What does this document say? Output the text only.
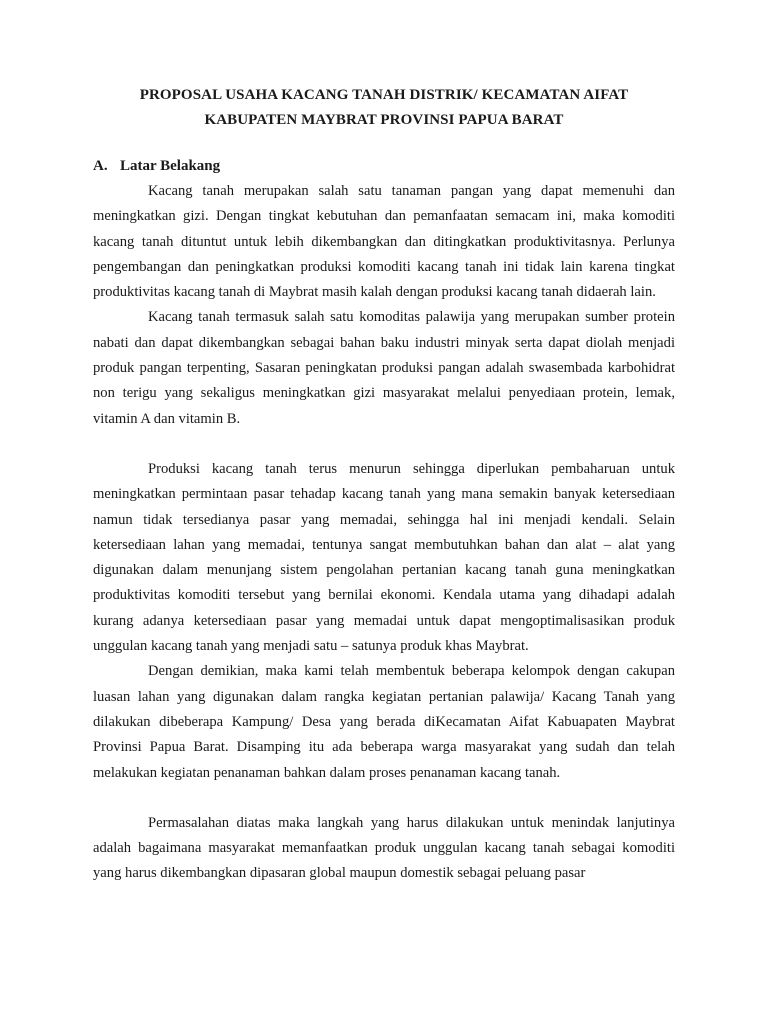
PROPOSAL USAHA KACANG TANAH DISTRIK/ KECAMATAN AIFAT
KABUPATEN MAYBRAT PROVINSI PAPUA BARAT
A. Latar Belakang

Kacang tanah merupakan salah satu tanaman pangan yang dapat memenuhi dan meningkatkan gizi. Dengan tingkat kebutuhan dan pemanfaatan semacam ini, maka komoditi kacang tanah dituntut untuk lebih dikembangkan dan ditingkatkan produktivitasnya. Perlunya pengembangan dan peningkatkan produksi komoditi kacang tanah ini tidak lain karena tingkat produktivitas kacang tanah di Maybrat masih kalah dengan produksi kacang tanah didaerah lain.

Kacang tanah termasuk salah satu komoditas palawija yang merupakan sumber protein nabati dan dapat dikembangkan sebagai bahan baku industri minyak serta dapat diolah menjadi produk pangan terpenting, Sasaran peningkatan produksi pangan adalah swasembada karbohidrat non terigu yang sekaligus meningkatkan gizi masyarakat melalui penyediaan protein, lemak, vitamin A dan vitamin B.

Produksi kacang tanah terus menurun sehingga diperlukan pembaharuan untuk meningkatkan permintaan pasar tehadap kacang tanah yang mana semakin banyak ketersediaan namun tidak tersedianya pasar yang memadai, sehingga hal ini menjadi kendali. Selain ketersediaan lahan yang memadai, tentunya sangat membutuhkan bahan dan alat – alat yang digunakan dalam menunjang sistem pengolahan pertanian kacang tanah guna meningkatkan produktivitas komoditi tersebut yang bernilai ekonomi. Kendala utama yang dihadapi adalah kurang adanya ketersediaan pasar yang memadai untuk dapat mengoptimalisasikan produk unggulan kacang tanah yang menjadi satu – satunya produk khas Maybrat.

Dengan demikian, maka kami telah membentuk beberapa kelompok dengan cakupan luasan lahan yang digunakan dalam rangka kegiatan pertanian palawija/ Kacang Tanah yang dilakukan dibeberapa Kampung/ Desa yang berada diKecamatan Aifat Kabuapaten Maybrat Provinsi Papua Barat. Disamping itu ada beberapa warga masyarakat yang sudah dan telah melakukan kegiatan penanaman bahkan dalam proses penanaman kacang tanah.

Permasalahan diatas maka langkah yang harus dilakukan untuk menindak lanjutinya adalah bagaimana masyarakat memanfaatkan produk unggulan kacang tanah sebagai komoditi yang harus dikembangkan dipasaran global maupun domestik sebagai peluang pasar
